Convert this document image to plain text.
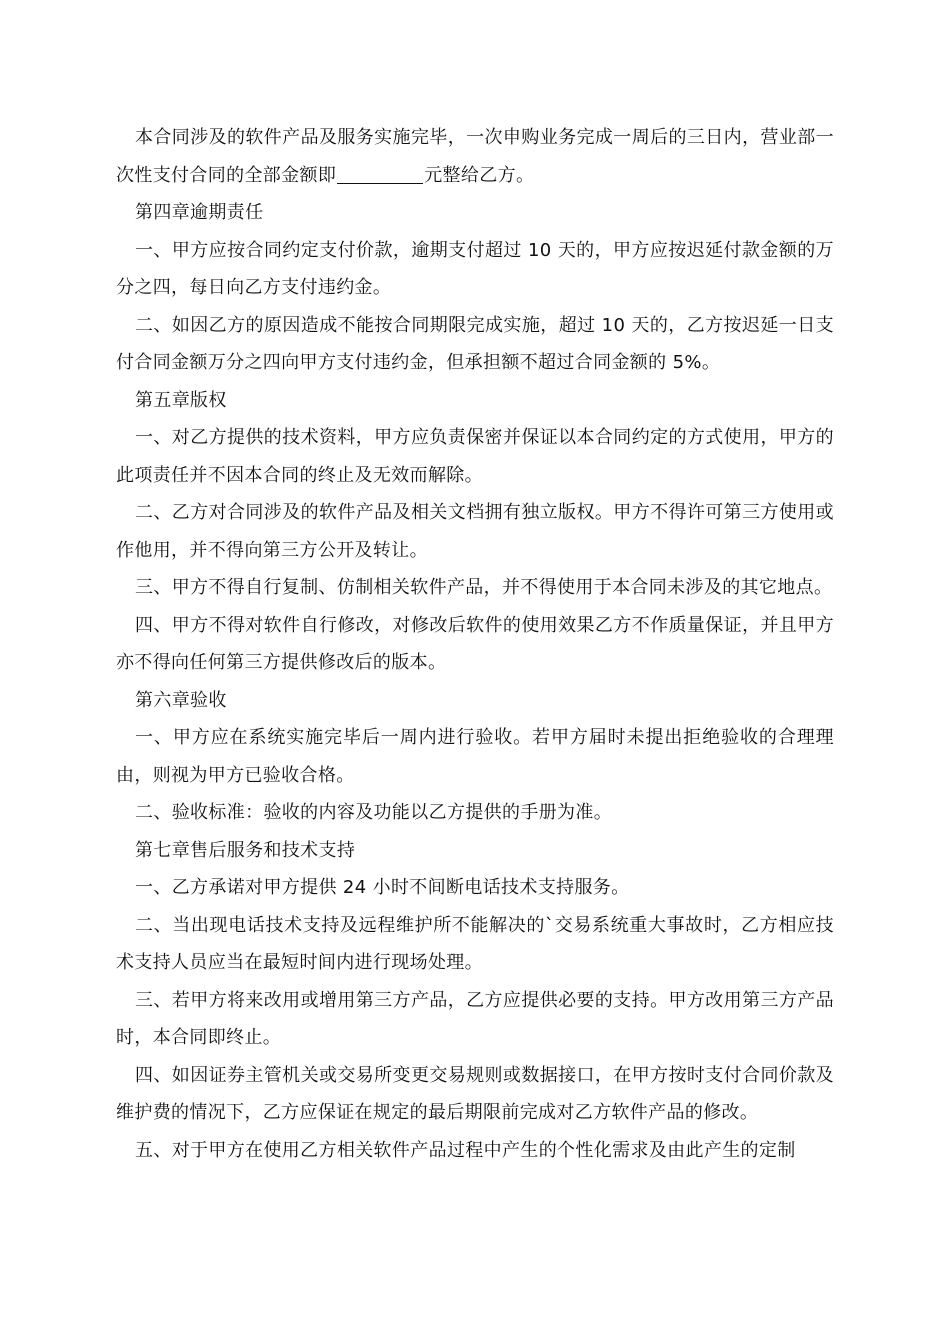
本合同涉及的软件产品及服务实施完毕，一次申购业务完成一周后的三日内，营业部一次性支付合同的全部金额即	元整给乙方。

第四章逾期责任

一、甲方应按合同约定支付价款，逾期支付超过 10 天的，甲方应按迟延付款金额的万分之四，每日向乙方支付违约金。

二、如因乙方的原因造成不能按合同期限完成实施，超过 10 天的，乙方按迟延一日支付合同金额万分之四向甲方支付违约金，但承担额不超过合同金额的 5%。

第五章版权

一、对乙方提供的技术资料，甲方应负责保密并保证以本合同约定的方式使用，甲方的此项责任并不因本合同的终止及无效而解除。

二、乙方对合同涉及的软件产品及相关文档拥有独立版权。甲方不得许可第三方使用或作他用，并不得向第三方公开及转让。

三、甲方不得自行复制、仿制相关软件产品，并不得使用于本合同未涉及的其它地点。

四、甲方不得对软件自行修改，对修改后软件的使用效果乙方不作质量保证，并且甲方亦不得向任何第三方提供修改后的版本。

第六章验收

一、甲方应在系统实施完毕后一周内进行验收。若甲方届时未提出拒绝验收的合理理由，则视为甲方已验收合格。

二、验收标准：验收的内容及功能以乙方提供的手册为准。

第七章售后服务和技术支持

一、乙方承诺对甲方提供 24 小时不间断电话技术支持服务。

二、当出现电话技术支持及远程维护所不能解决的`交易系统重大事故时，乙方相应技术支持人员应当在最短时间内进行现场处理。

三、若甲方将来改用或增用第三方产品，乙方应提供必要的支持。甲方改用第三方产品时，本合同即终止。

四、如因证券主管机关或交易所变更交易规则或数据接口，在甲方按时支付合同价款及维护费的情况下，乙方应保证在规定的最后期限前完成对乙方软件产品的修改。

五、对于甲方在使用乙方相关软件产品过程中产生的个性化需求及由此产生的定制
